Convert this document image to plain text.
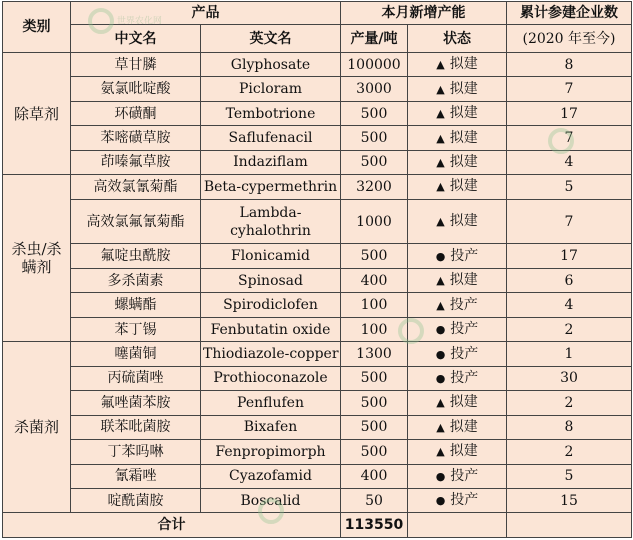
类别	产品		本月新增产能		累计参建企业数
	中文名	英文名	产量/吨	状态	(2020 年至今)
除草剂	草甘膦	Glyphosate	100000	▲ 拟建	8
	氨氯吡啶酸	Picloram	3000	▲ 拟建	7
	环磺酮	Tembotrione	500	▲ 拟建	17
	苯嘧磺草胺	Saflufenacil	500	▲ 拟建	7
	茚嗪氟草胺	Indaziflam	500	▲ 拟建	4
杀虫/杀螨剂	高效氯氰菊酯	Beta-cypermethrin	3200	▲ 拟建	5
	高效氯氟氰菊酯	Lambda-cyhalothrin	1000	▲ 拟建	7
	氟啶虫酰胺	Flonicamid	500	● 投产	17
	多杀菌素	Spinosad	400	▲ 拟建	6
	螺螨酯	Spirodiclofen	100	▲ 投产	4
	苯丁锡	Fenbutatin oxide	100	● 投产	2
杀菌剂	噻菌铜	Thiodiazole-copper	1300	● 投产	1
	丙硫菌唑	Prothioconazole	500	● 投产	30
	氟唑菌苯胺	Penflufen	500	▲ 拟建	2
	联苯吡菌胺	Bixafen	500	▲ 拟建	8
	丁苯吗啉	Fenpropimorph	500	▲ 拟建	2
	氰霜唑	Cyazofamid	400	● 投产	5
	啶酰菌胺	Boscalid	50	● 投产	15
合计			113550		
世界农化网
